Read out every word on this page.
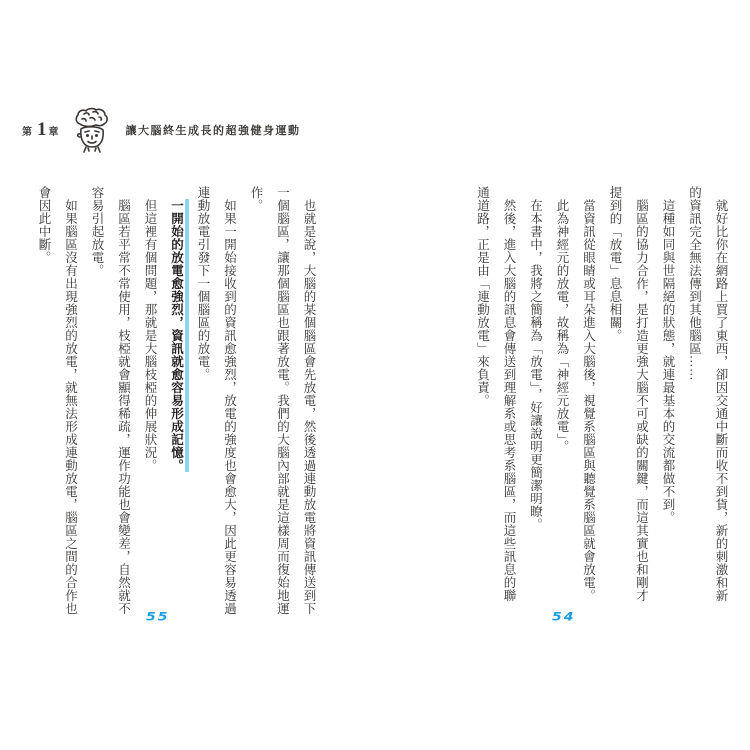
第 1 章	讓大腦終生成長的超強健身運動

就好比你在網路上買了東西，卻因交通中斷而收不到貨，新的刺激和新的資訊完全無法傳到其他腦區……

這種如同與世隔絕的狀態，就連最基本的交流都做不到。

腦區的協力合作，是打造更強大腦不可或缺的關鍵，而這其實也和剛才提到的「放電」息息相關。

當資訊從眼睛或耳朵進入大腦後，視覺系腦區與聽覺系腦區就會放電。

此為神經元的放電，故稱為「神經元放電」。

在本書中，我將之簡稱為「放電」，好讓說明更簡潔明瞭。

然後，進入大腦的訊息會傳送到理解系或思考系腦區，而這些訊息的聯通道路，正是由「連動放電」來負責。

也就是說，大腦的某個腦區會先放電，然後透過連動放電將資訊傳送到下一個腦區，讓那個腦區也跟著放電。我們的大腦內部就是這樣周而復始地運作。

如果一開始接收到的資訊愈強烈，放電的強度也會愈大，因此更容易透過連動放電引發下一個腦區的放電。

一開始的放電愈強烈，資訊就愈容易形成記憶。

但這裡有個問題，那就是大腦枝椏的伸展狀況。

腦區若平常不常使用，枝椏就會顯得稀疏，運作功能也會變差，自然就不容易引起放電。

如果腦區沒有出現強烈的放電，就無法形成連動放電，腦區之間的合作也會因此中斷。

55	54
